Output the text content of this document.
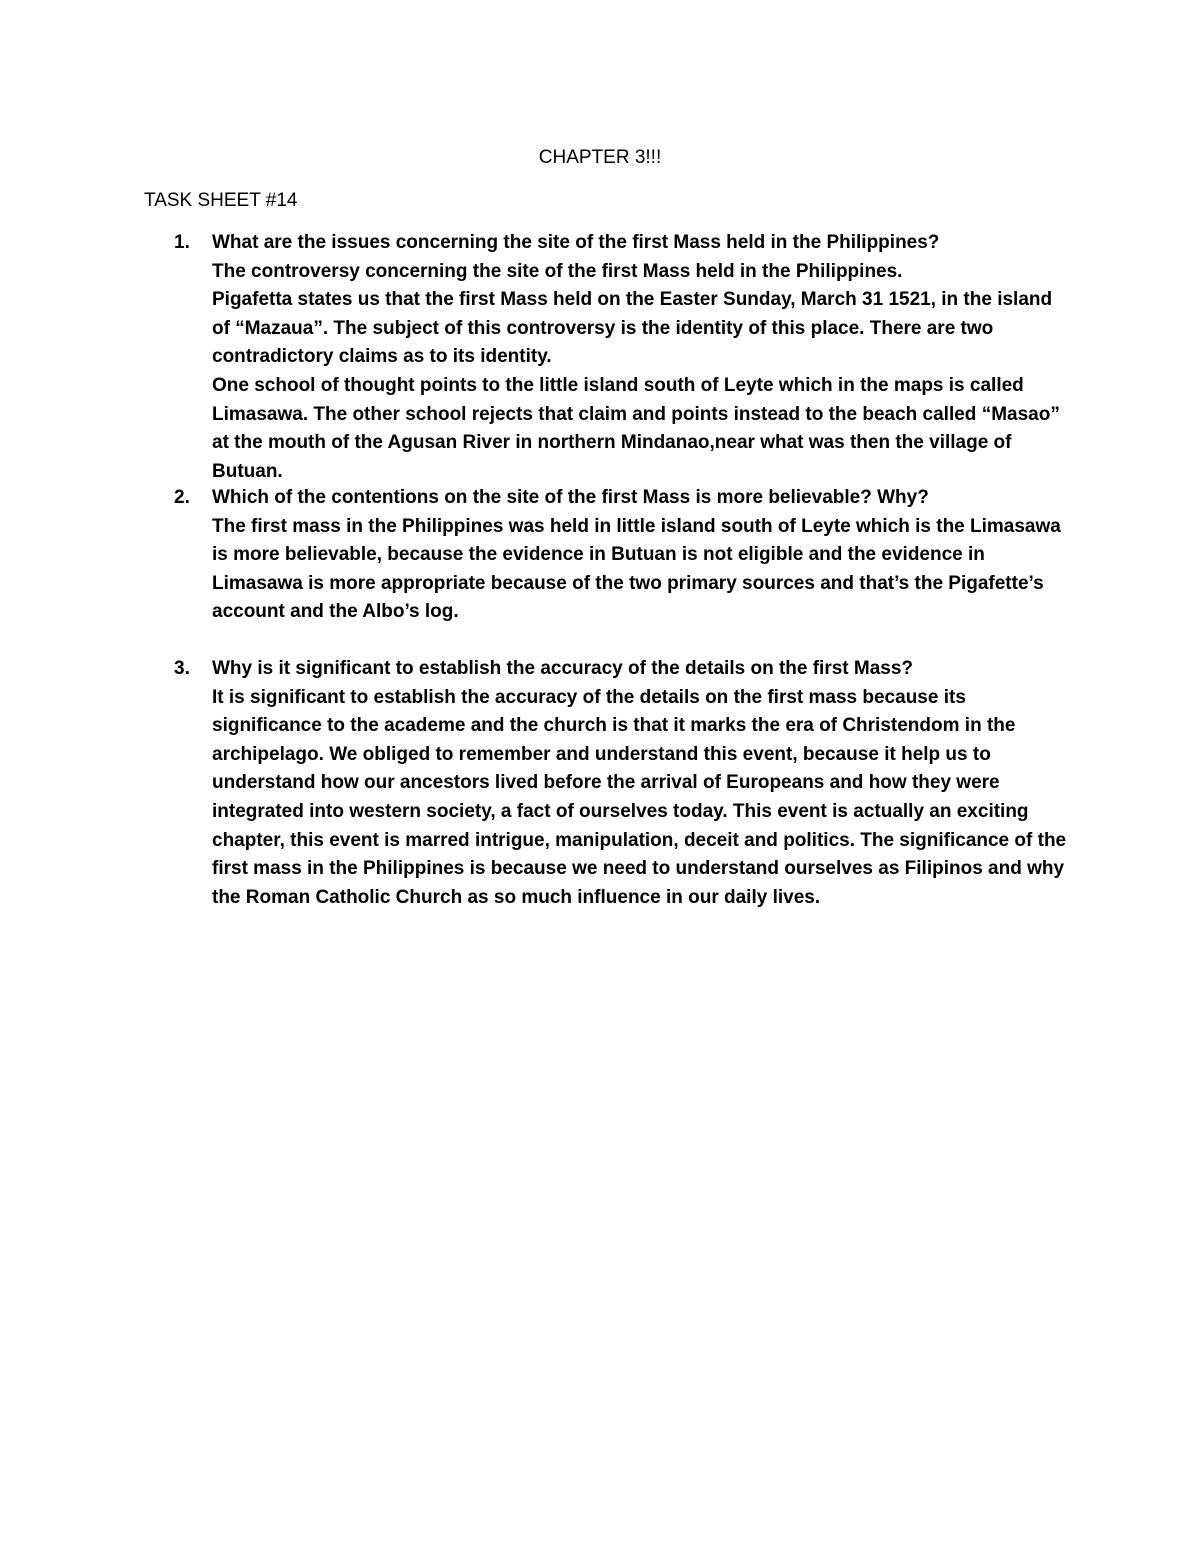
CHAPTER 3!!!
TASK SHEET #14
1. What are the issues concerning the site of the first Mass held in the Philippines?

The controversy concerning the site of the first Mass held in the Philippines.

Pigafetta states us that the first Mass held on the Easter Sunday, March 31 1521, in the island of “Mazaua”. The subject of this controversy is the identity of this place. There are two contradictory claims as to its identity.

One school of thought points to the little island south of Leyte which in the maps is called Limasawa. The other school rejects that claim and points instead to the beach called “Masao” at the mouth of the Agusan River in northern Mindanao,near what was then the village of Butuan.

2. Which of the contentions on the site of the first Mass is more believable? Why?

The first mass in the Philippines was held in little island south of Leyte which is the Limasawa is more believable, because the evidence in Butuan is not eligible and the evidence in Limasawa is more appropriate because of the two primary sources and that’s the Pigafette’s account and the Albo’s log.

3. Why is it significant to establish the accuracy of the details on the first Mass?

It is significant to establish the accuracy of the details on the first mass because its significance to the academe and the church is that it marks the era of Christendom in the archipelago. We obliged to remember and understand this event, because it help us to understand how our ancestors lived before the arrival of Europeans and how they were integrated into western society, a fact of ourselves today. This event is actually an exciting chapter, this event is marred intrigue, manipulation, deceit and politics. The significance of the first mass in the Philippines is because we need to understand ourselves as Filipinos and why the Roman Catholic Church as so much influence in our daily lives.
